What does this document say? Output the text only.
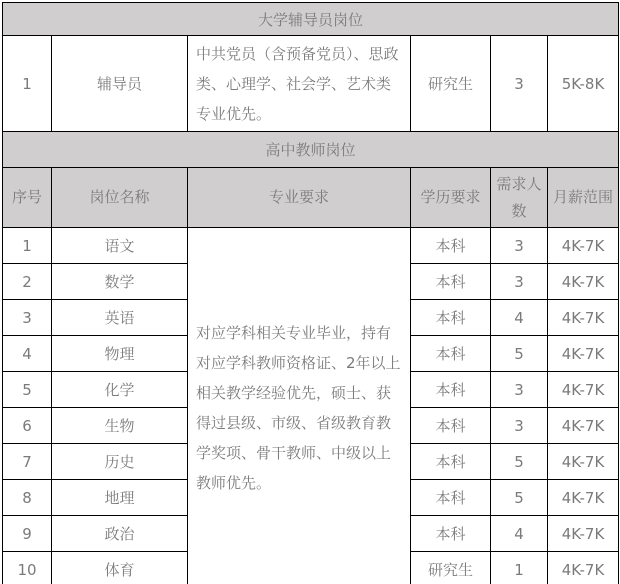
大学辅导员岗位					
1	辅导员	中共党员（含预备党员）、思政类、心理学、社会学、艺术类专业优先。	研究生	3	5K-8K
高中教师岗位					
序号	岗位名称	专业要求	学历要求	需求人数	月薪范围
1	语文	对应学科相关专业毕业，持有对应学科教师资格证、2年以上相关教学经验优先，硕士、获得过县级、市级、省级教育教学奖项、骨干教师、中级以上教师优先。	本科	3	4K-7K
2	数学		本科	3	4K-7K
3	英语		本科	4	4K-7K
4	物理		本科	5	4K-7K
5	化学		本科	3	4K-7K
6	生物		本科	3	4K-7K
7	历史		本科	5	4K-7K
8	地理		本科	5	4K-7K
9	政治		本科	4	4K-7K
10	体育		研究生	1	4K-7K
